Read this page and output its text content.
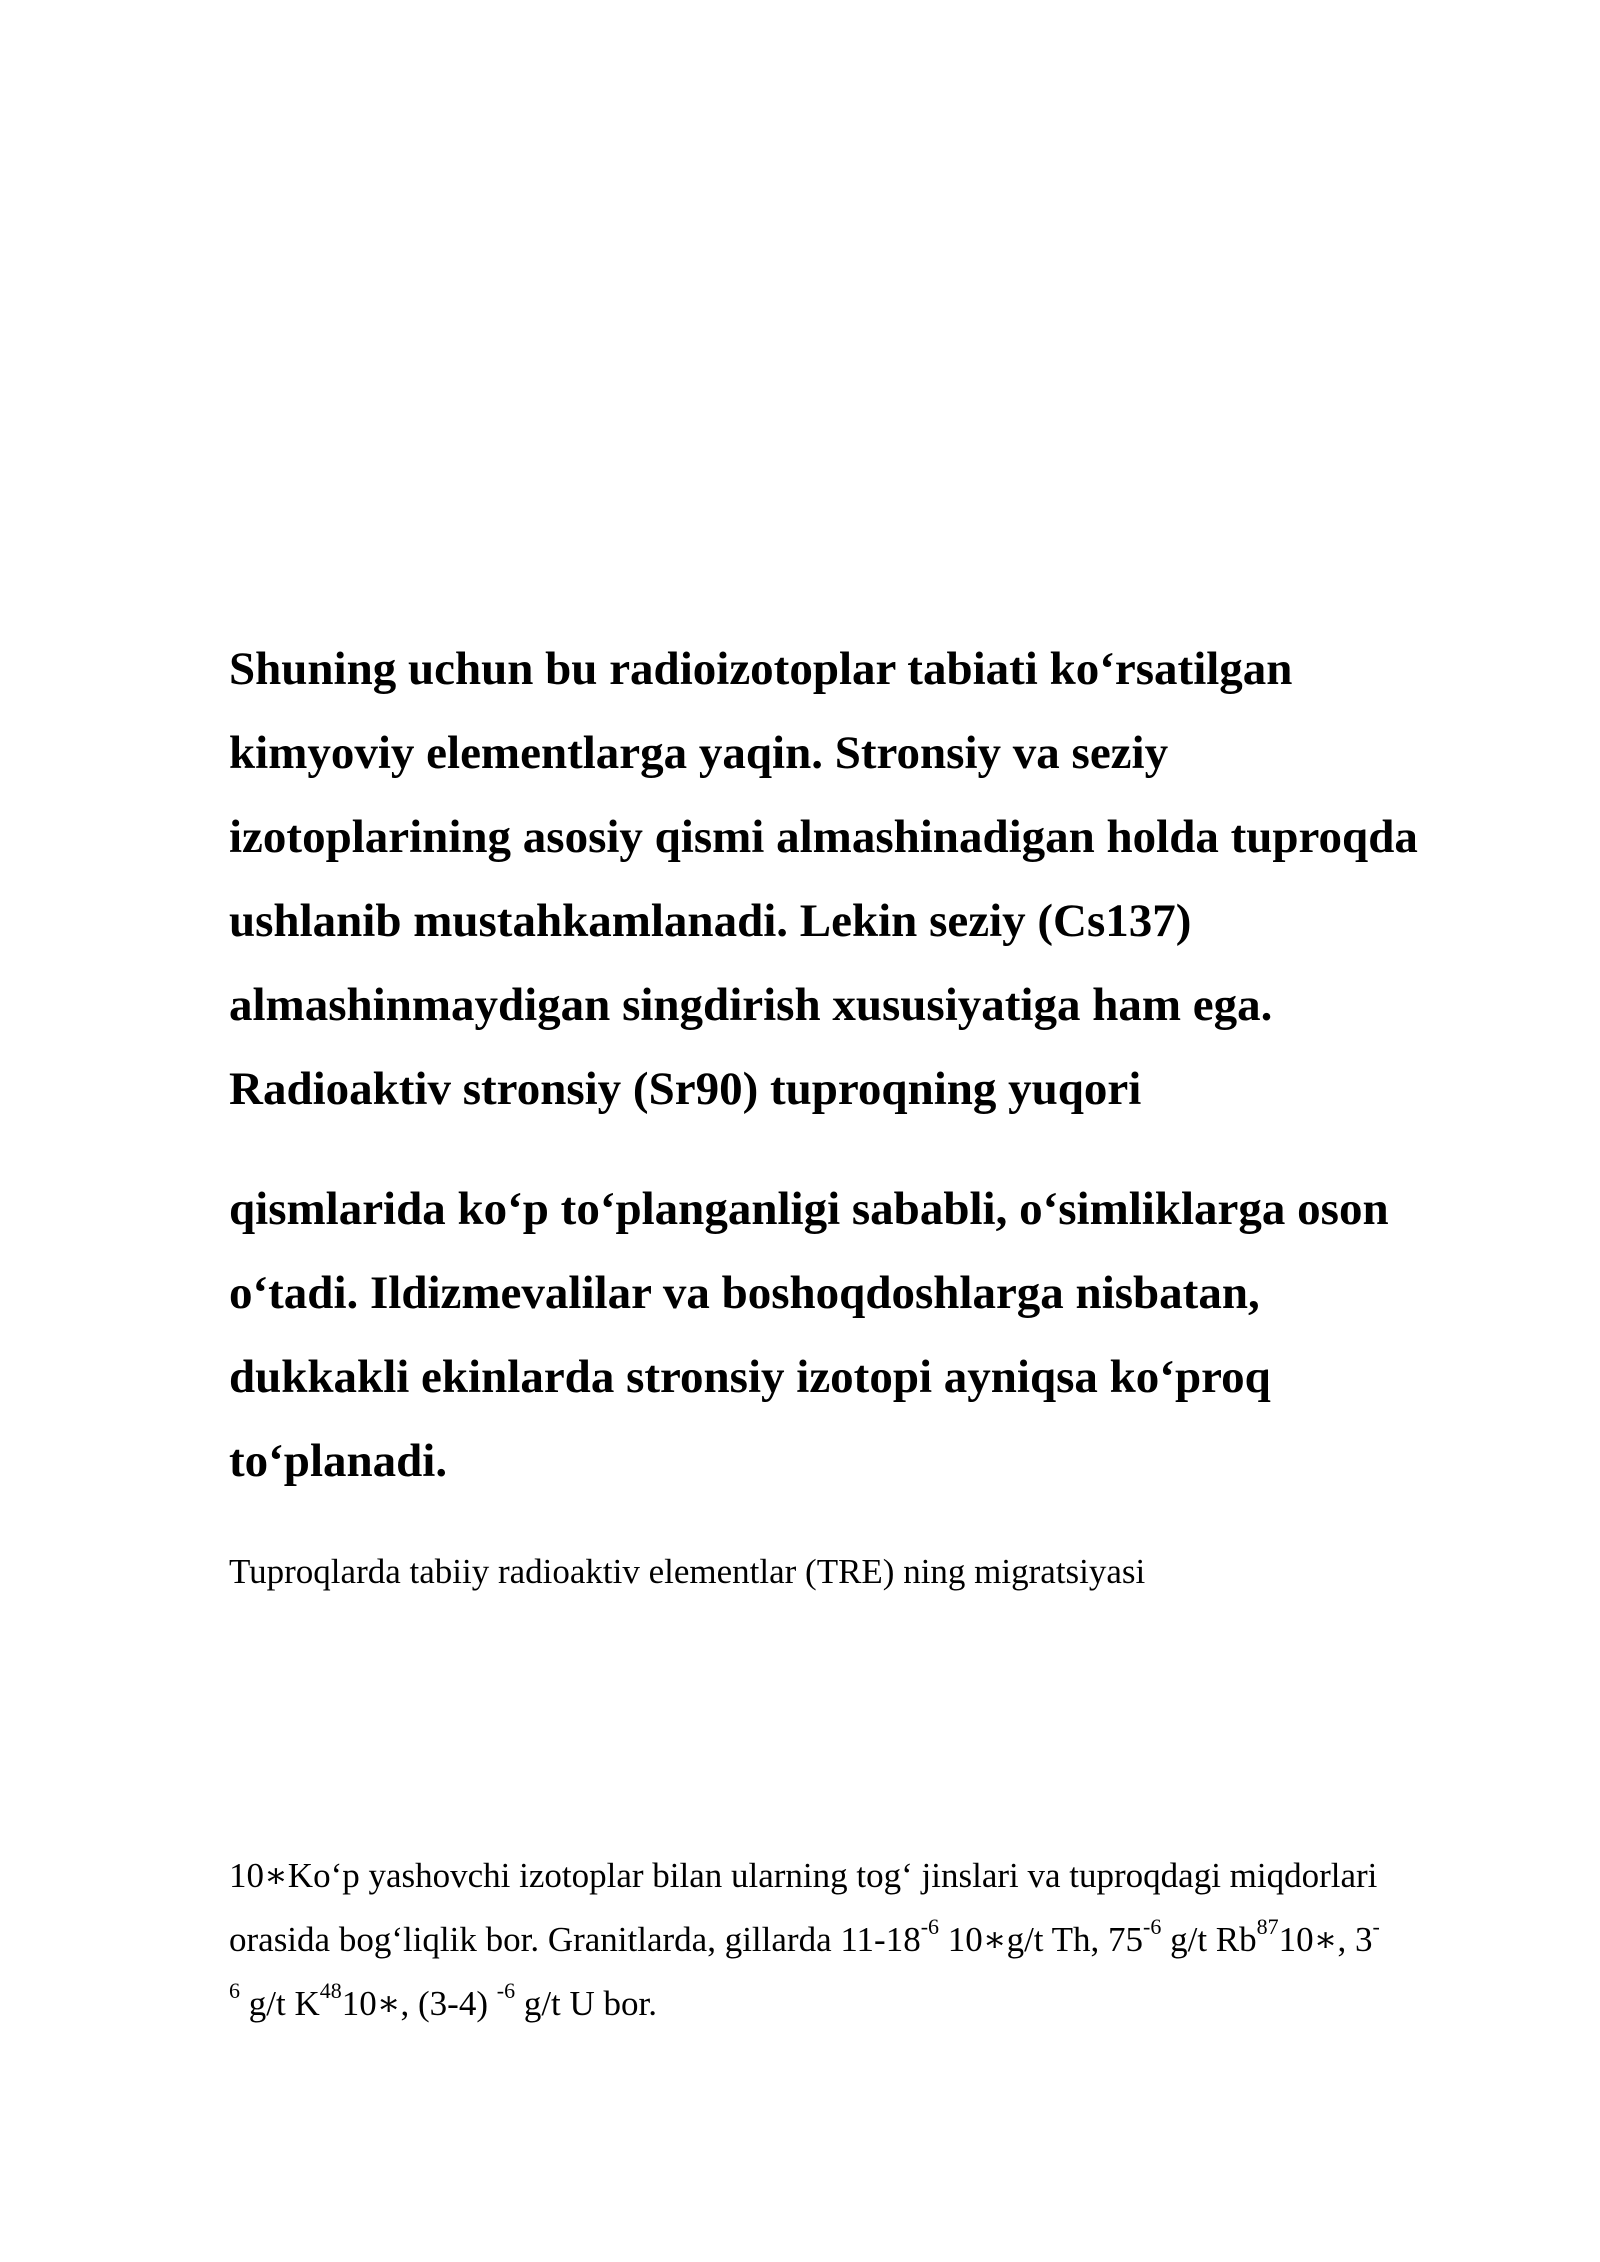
Shuning uchun bu radioizotoplar tabiati koʻrsatilgan
kimyoviy elementlarga yaqin. Stronsiy va seziy
izotoplarining asosiy qismi almashinadigan holda tuproqda
ushlanib mustahkamlanadi. Lekin seziy (Cs137)
almashinmaydigan singdirish xususiyatiga ham ega.
Radioaktiv stronsiy (Sr90) tuproqning yuqori
qismlarida koʻp toʻplanganligi sababli, oʻsimliklarga oson
oʻtadi. Ildizmevalilar va boshoqdoshlarga nisbatan,
dukkakli ekinlarda stronsiy izotopi ayniqsa koʻproq
toʻplanadi.

Tuproqlarda tabiiy radioaktiv elementlar (TRE) ning migratsiyasi

10∗Koʻp yashovchi izotoplar bilan ularning togʻ jinslari va tuproqdagi miqdorlari
orasida bogʻliqlik bor. Granitlarda, gillarda $11-18^{-6}$ 10∗g/t Th, $75^{-6}$ g/t Rb$^{87}$10∗, 3-
$^6$ g/t $K^{48}10∗$, (3-4) $^{-6}$ g/t U bor.
